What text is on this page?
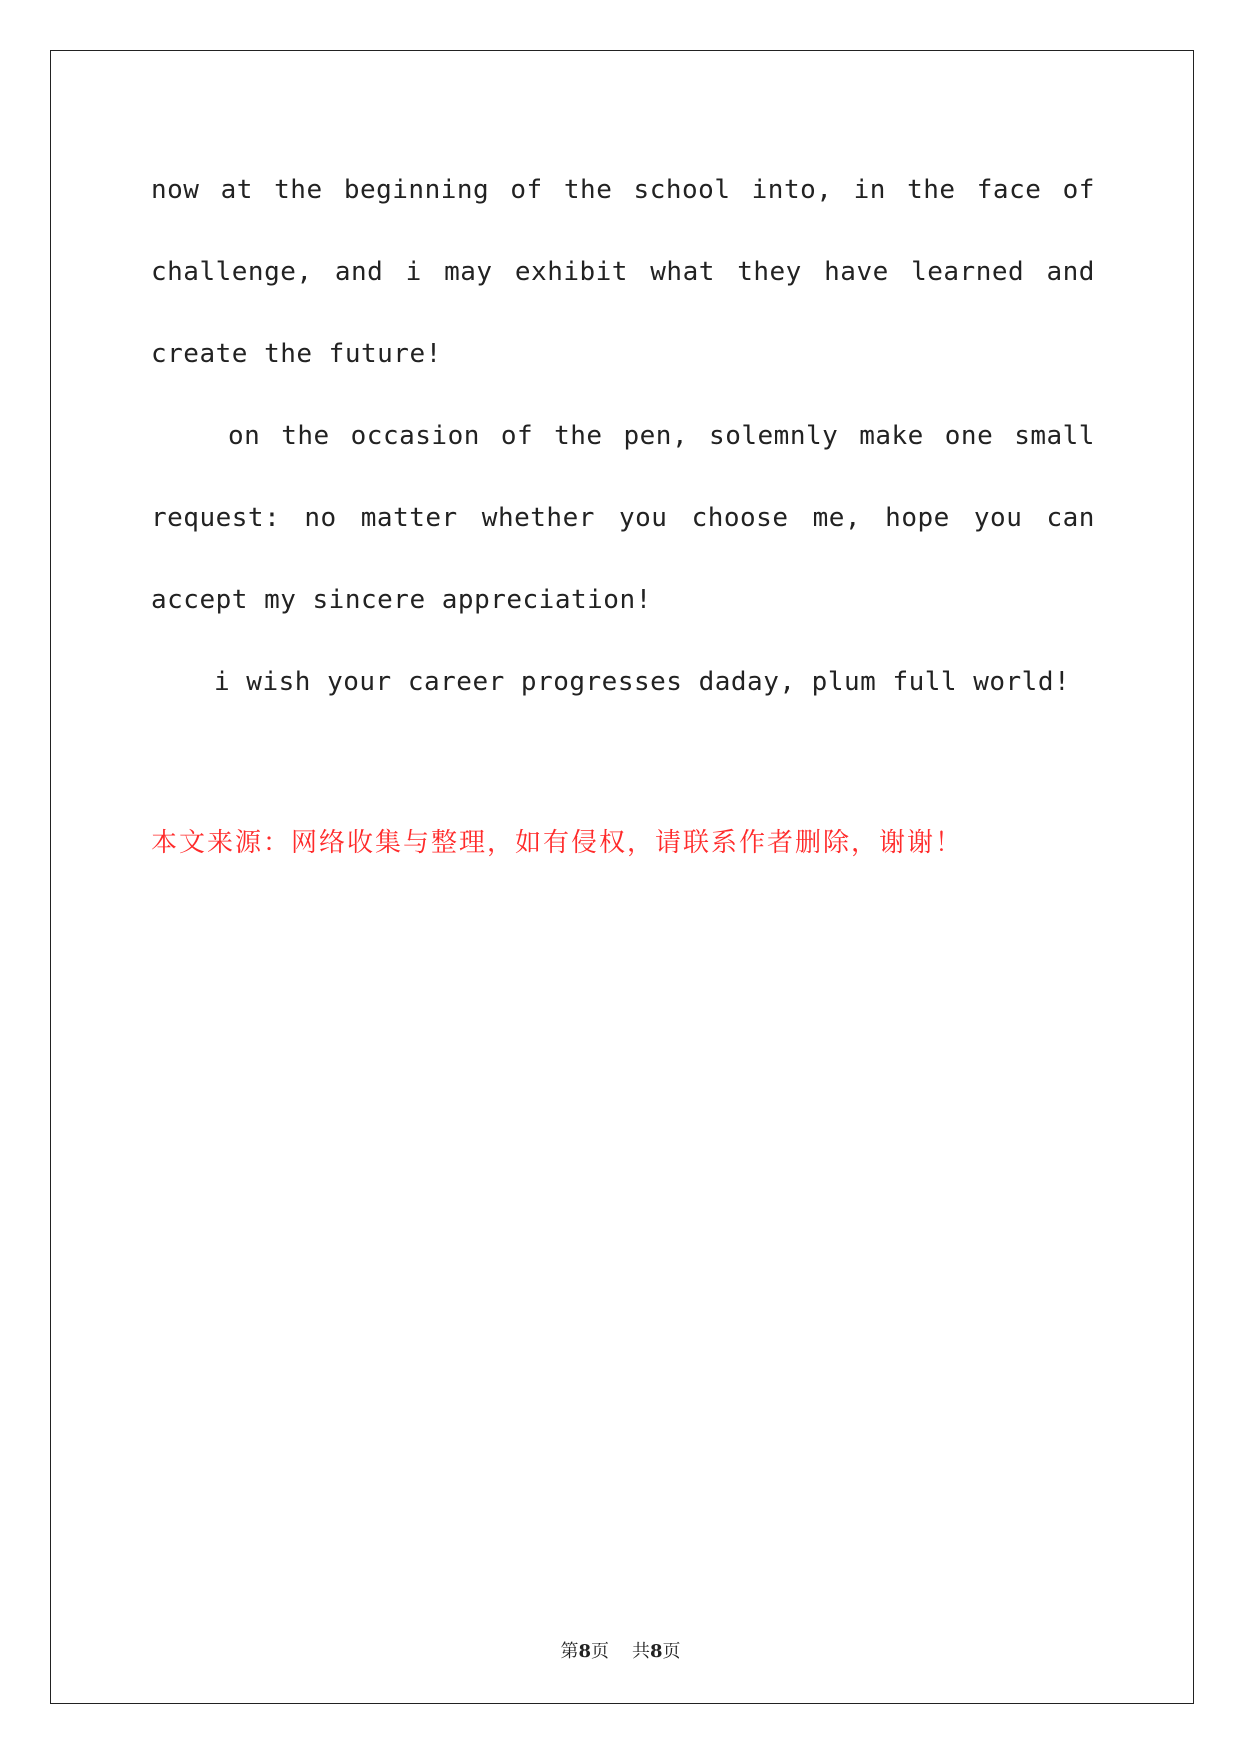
now at the beginning of the school into, in the face of
challenge, and i may exhibit what they have learned and
create the future!
on the occasion of the pen, solemnly make one small
request: no matter whether you choose me, hope you can
accept my sincere appreciation!
i wish your career progresses daday, plum full world!
本文来源：网络收集与整理，如有侵权，请联系作者删除，谢谢！
第8页 共8页
